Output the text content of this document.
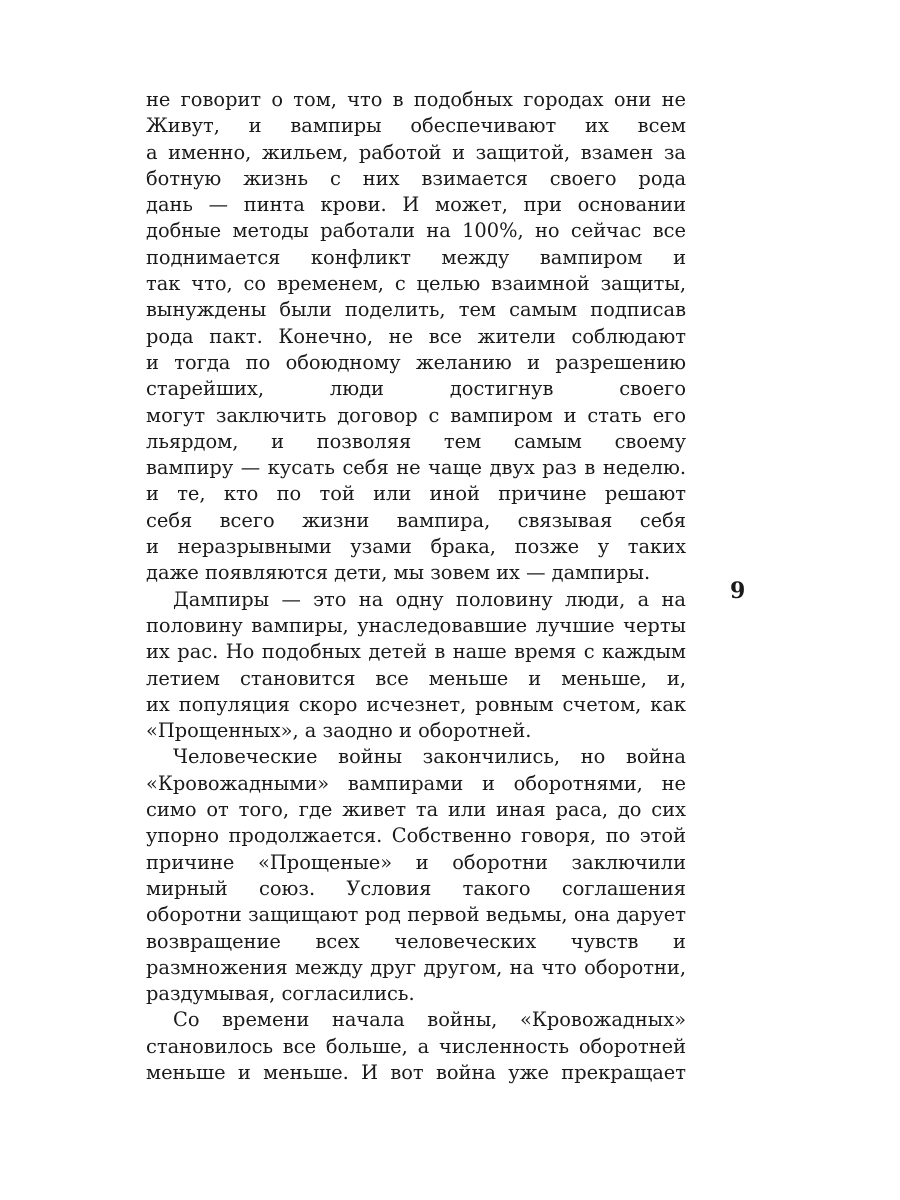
не говорит о том, что в подобных городах они не
Живут, и вампиры обеспечивают их всем
а именно, жильем, работой и защитой, взамен за
ботную жизнь с них взимается своего рода
дань — пинта крови. И может, при основании
добные методы работали на 100%, но сейчас все
поднимается конфликт между вампиром и
так что, со временем, с целью взаимной защиты,
вынуждены были поделить, тем самым подписав
рода пакт. Конечно, не все жители соблюдают
и тогда по обоюдному желанию и разрешению
старейших, люди достигнув своего
могут заключить договор с вампиром и стать его
льярдом, и позволяя тем самым своему
вампиру — кусать себя не чаще двух раз в неделю.
и те, кто по той или иной причине решают
себя всего жизни вампира, связывая себя
и неразрывными узами брака, позже у таких
даже появляются дети, мы зовем их — дампиры.
Дампиры — это на одну половину люди, а на
половину вампиры, унаследовавшие лучшие черты
их рас. Но подобных детей в наше время с каждым
летием становится все меньше и меньше, и,
их популяция скоро исчезнет, ровным счетом, как
«Прощенных», а заодно и оборотней.
Человеческие войны закончились, но война
«Кровожадными» вампирами и оборотнями, не
симо от того, где живет та или иная раса, до сих
упорно продолжается. Собственно говоря, по этой
причине «Прощеные» и оборотни заключили
мирный союз. Условия такого соглашения
оборотни защищают род первой ведьмы, она дарует
возвращение всех человеческих чувств и
размножения между друг другом, на что оборотни,
раздумывая, согласились.
Со времени начала войны, «Кровожадных»
становилось все больше, а численность оборотней
меньше и меньше. И вот война уже прекращает
9
